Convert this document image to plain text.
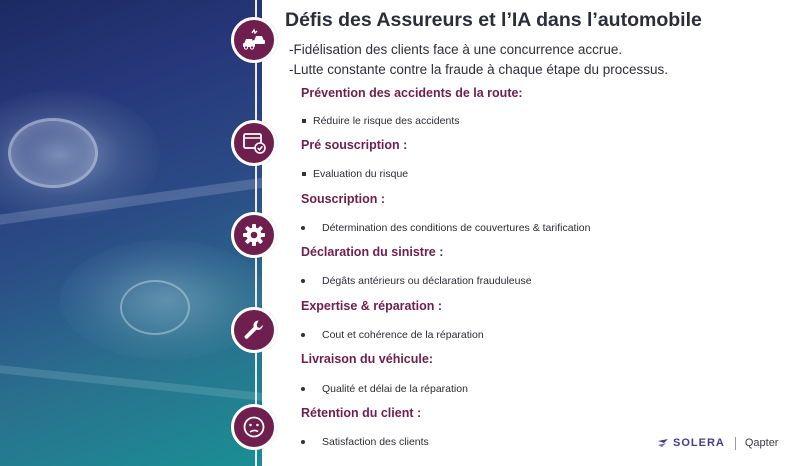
Défis des Assureurs et l’IA dans l’automobile
-Fidélisation des clients face à une concurrence accrue.
-Lutte constante contre la fraude à chaque étape du processus.
Prévention des accidents de la route:
Réduire le risque des accidents
Pré souscription :
Evaluation du risque
Souscription :
Détermination des conditions de couvertures & tarification
Déclaration du sinistre :
Dégâts antérieurs ou déclaration frauduleuse
Expertise & réparation :
Cout et cohérence de la réparation
Livraison du véhicule:
Qualité et délai de la réparation
Rétention du client :
Satisfaction des clients	SOLERA Qapter
